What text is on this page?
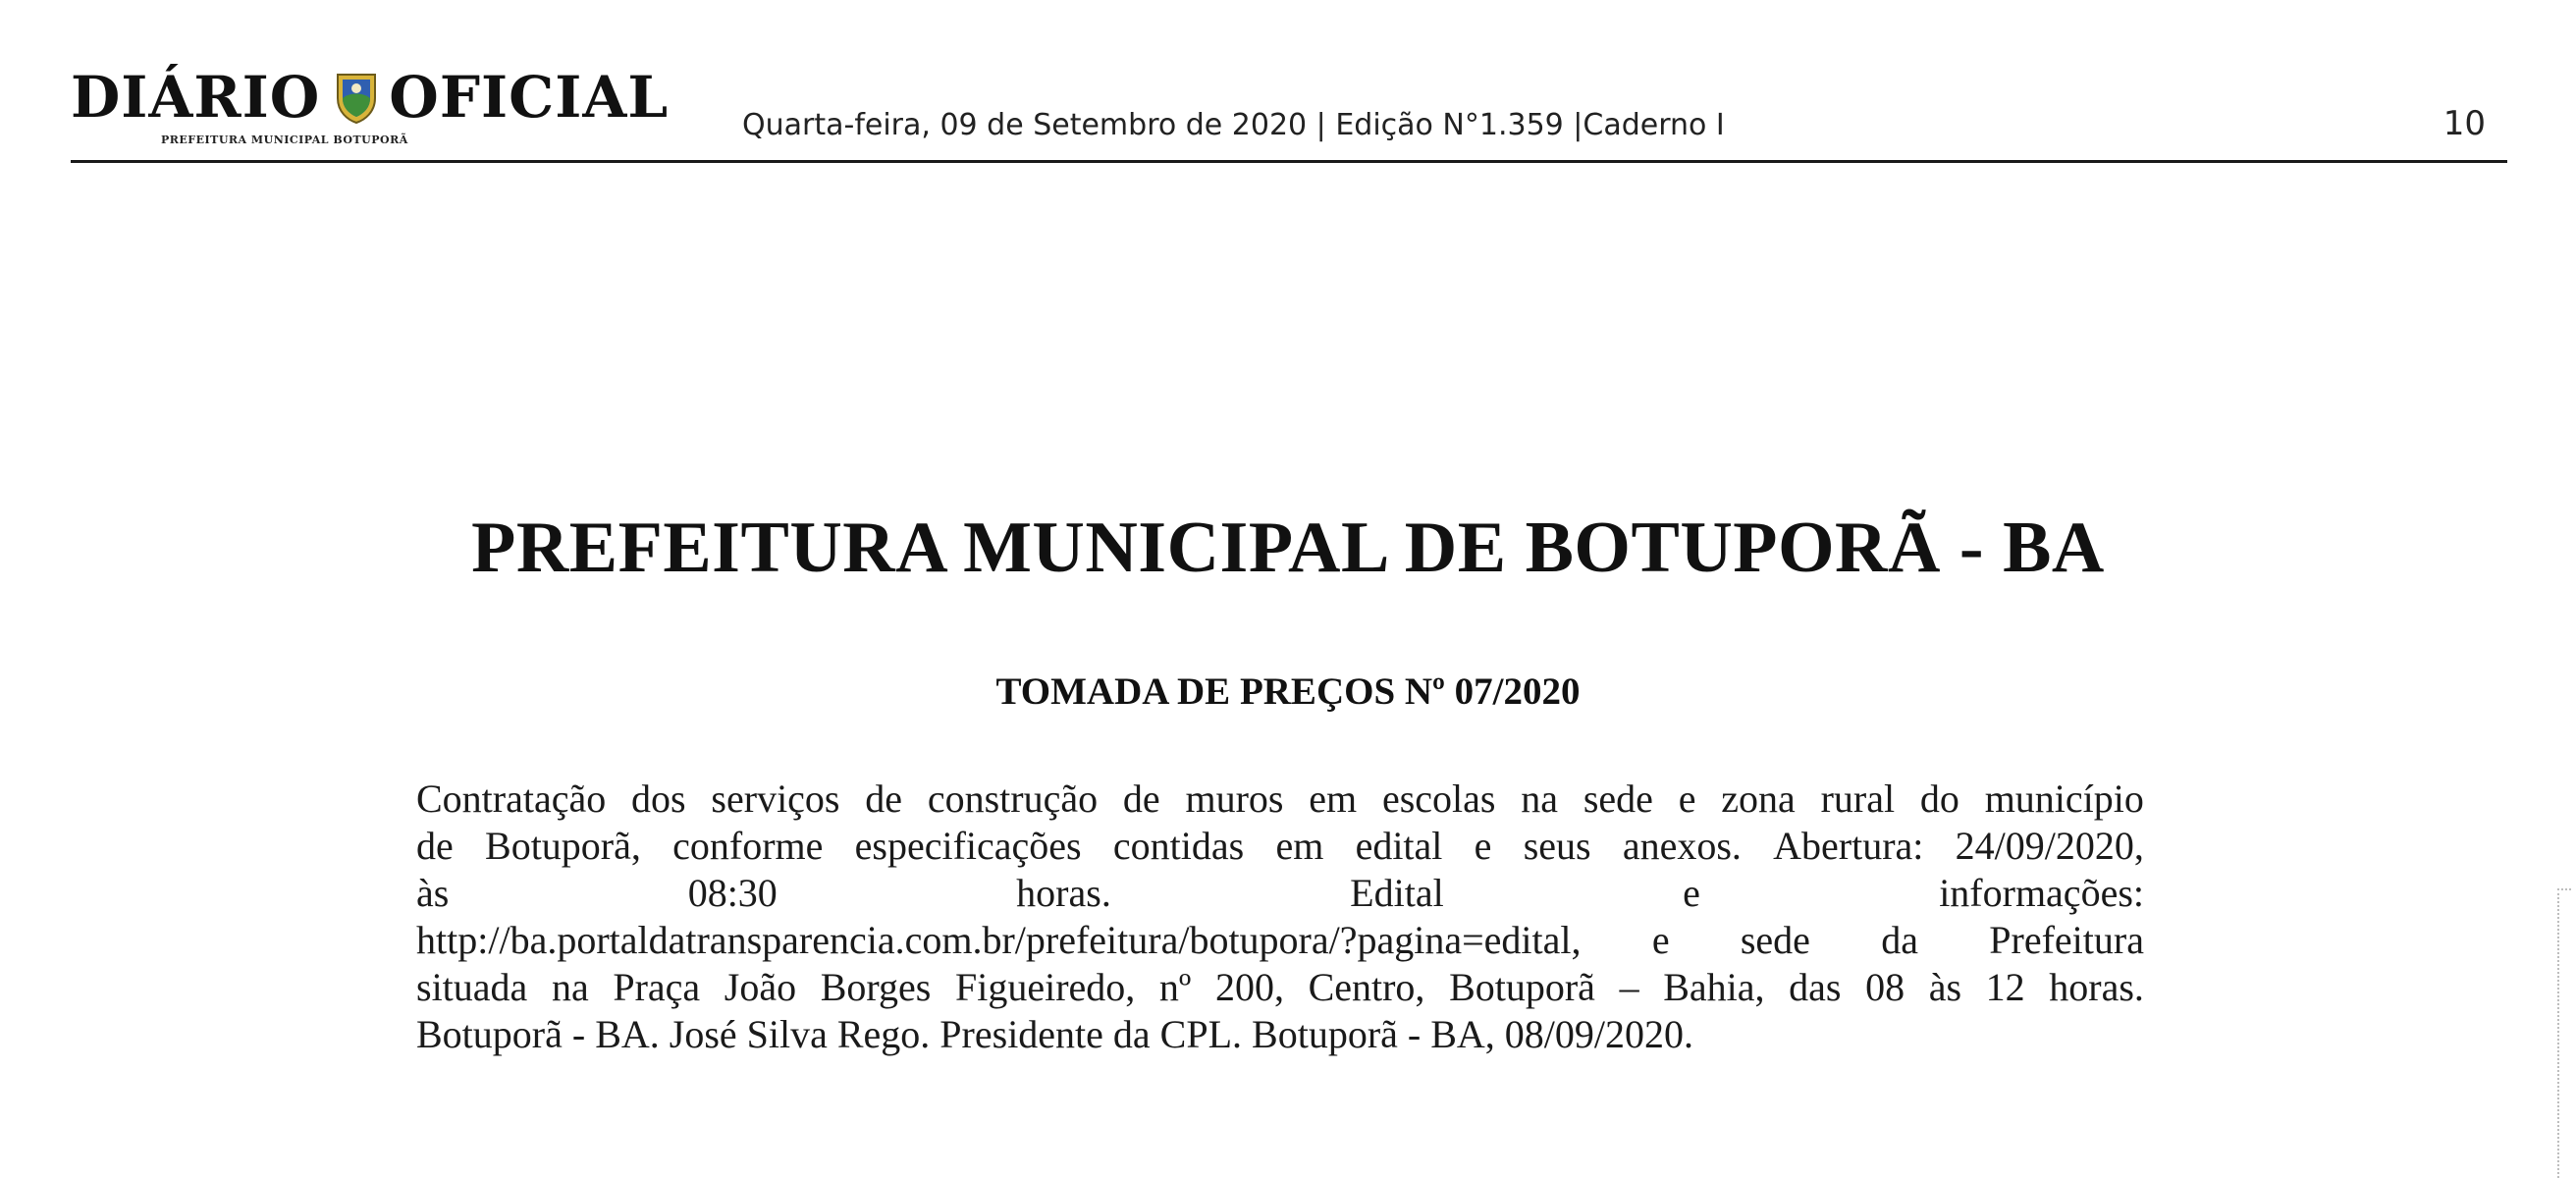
DIÁRIO OFICIAL
PREFEITURA MUNICIPAL BOTUPORÃ	Quarta-feira, 09 de Setembro de 2020 | Edição N°1.359 |Caderno I	10
PREFEITURA MUNICIPAL DE BOTUPORÃ - BA
TOMADA DE PREÇOS Nº 07/2020
Contratação dos serviços de construção de muros em escolas na sede e zona rural do município
de Botuporã, conforme especificações contidas em edital e seus anexos. Abertura: 24/09/2020,
às	08:30	horas.	Edital	e	informações:
http://ba.portaldatransparencia.com.br/prefeitura/botupora/?pagina=edital, e sede da Prefeitura
situada na Praça João Borges Figueiredo, nº 200, Centro, Botuporã – Bahia, das 08 às 12 horas.
Botuporã - BA. José Silva Rego. Presidente da CPL. Botuporã - BA, 08/09/2020.
